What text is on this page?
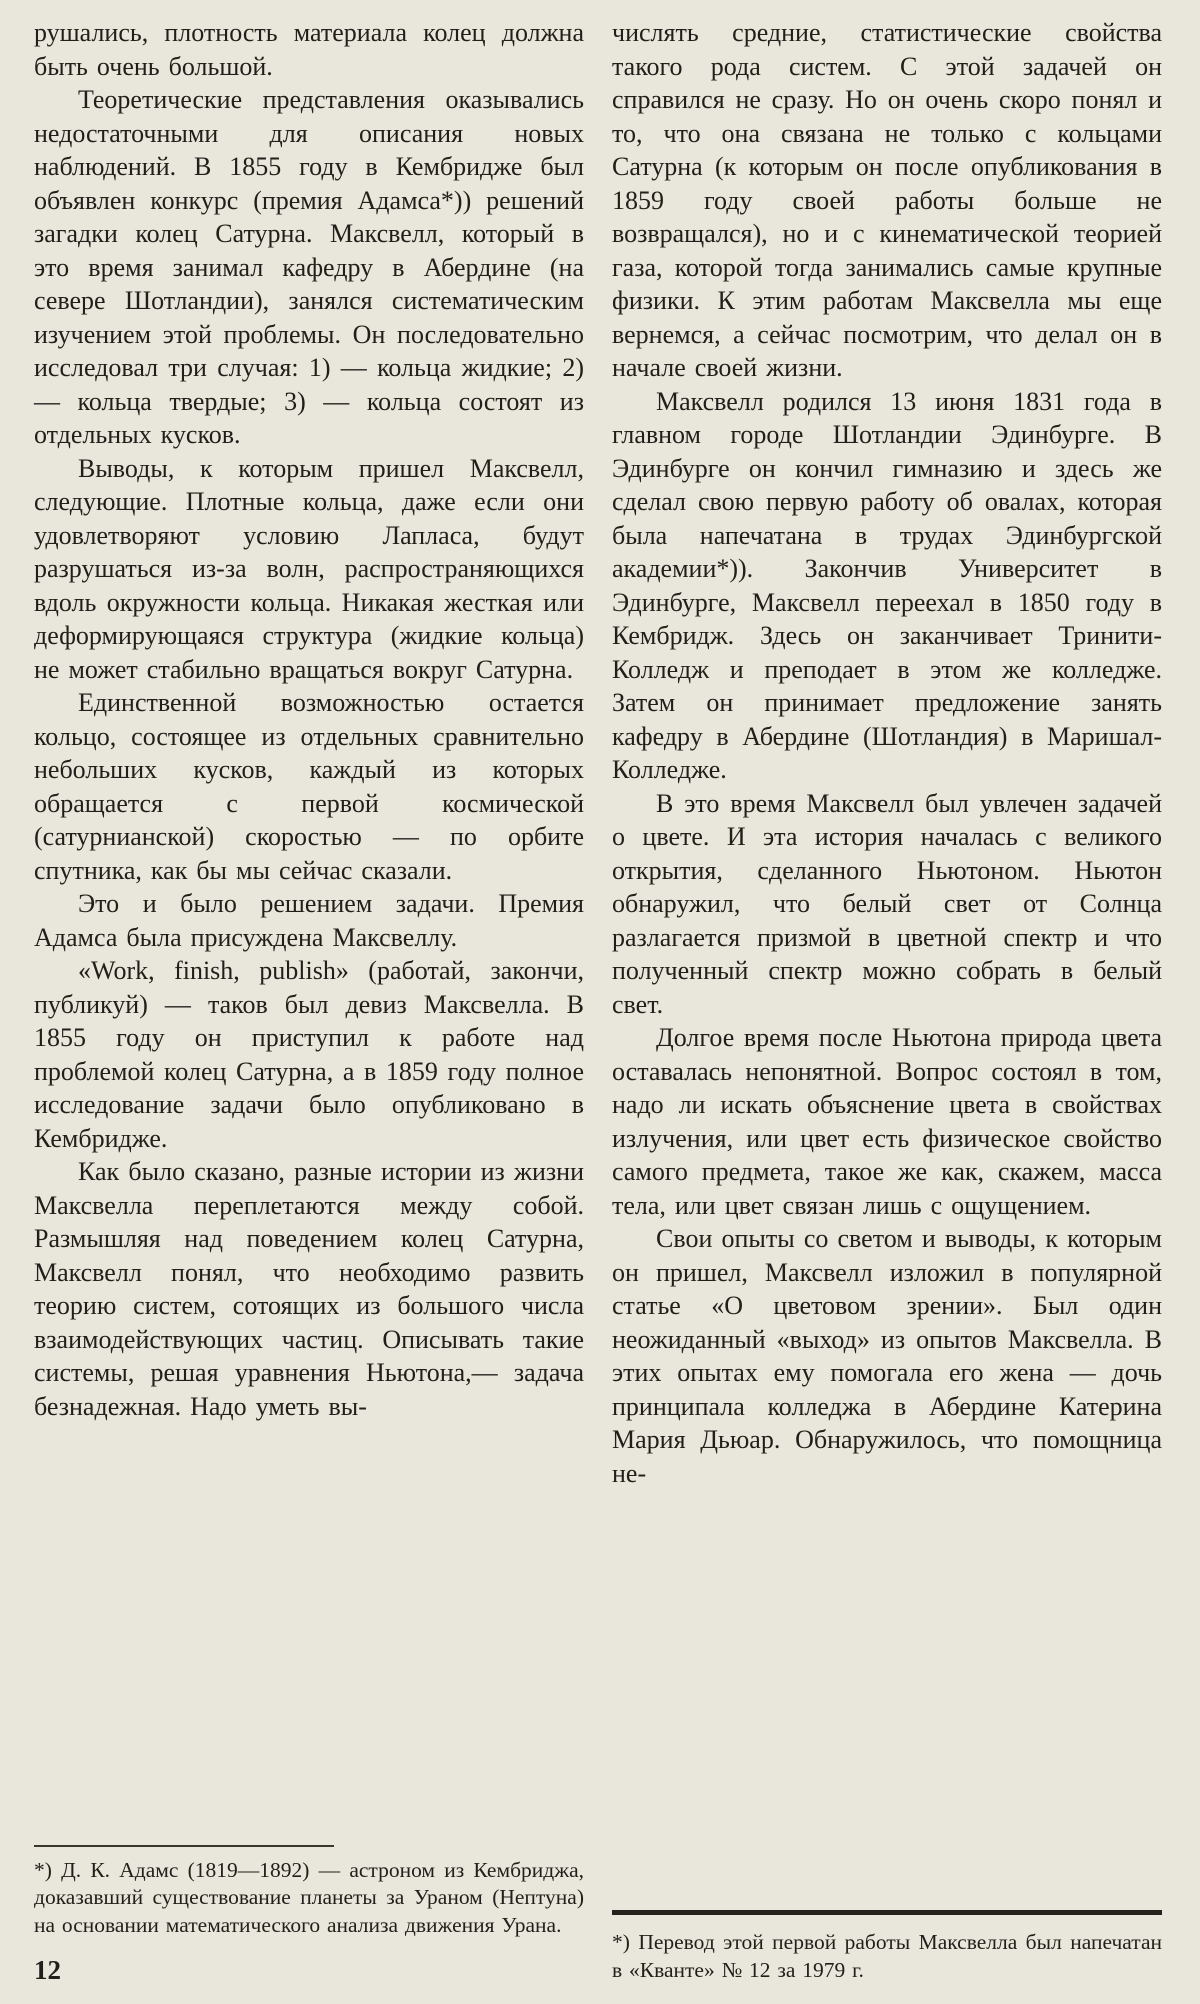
рушались, плотность материала колец должна быть очень большой.

Теоретические представления оказывались недостаточными для описания новых наблюдений. В 1855 году в Кембридже был объявлен конкурс (премия Адамса*)) решений загадки колец Сатурна. Максвелл, который в это время занимал кафедру в Абердине (на севере Шотландии), занялся систематическим изучением этой проблемы. Он последовательно исследовал три случая: 1) — кольца жидкие; 2) — кольца твердые; 3) — кольца состоят из отдельных кусков.

Выводы, к которым пришел Максвелл, следующие. Плотные кольца, даже если они удовлетворяют условию Лапласа, будут разрушаться из-за волн, распространяющихся вдоль окружности кольца. Никакая жесткая или деформирующаяся структура (жидкие кольца) не может стабильно вращаться вокруг Сатурна.

Единственной возможностью остается кольцо, состоящее из отдельных сравнительно небольших кусков, каждый из которых обращается с первой космической (сатурнианской) скоростью — по орбите спутника, как бы мы сейчас сказали.

Это и было решением задачи. Премия Адамса была присуждена Максвеллу.

«Work, finish, publish» (работай, закончи, публикуй) — таков был девиз Максвелла. В 1855 году он приступил к работе над проблемой колец Сатурна, а в 1859 году полное исследование задачи было опубликовано в Кембридже.

Как было сказано, разные истории из жизни Максвелла переплетаются между собой. Размышляя над поведением колец Сатурна, Максвелл понял, что необходимо развить теорию систем, сотоящих из большого числа взаимодействующих частиц. Описывать такие системы, решая уравнения Ньютона,— задача безнадежная. Надо уметь вы-

*) Д. К. Адамс (1819—1892) — астроном из Кембриджа, доказавший существование планеты за Ураном (Нептуна) на основании математического анализа движения Урана.

12

числять средние, статистические свойства такого рода систем. С этой задачей он справился не сразу. Но он очень скоро понял и то, что она связана не только с кольцами Сатурна (к которым он после опубликования в 1859 году своей работы больше не возвращался), но и с кинематической теорией газа, которой тогда занимались самые крупные физики. К этим работам Максвелла мы еще вернемся, а сейчас посмотрим, что делал он в начале своей жизни.

Максвелл родился 13 июня 1831 года в главном городе Шотландии Эдинбурге. В Эдинбурге он кончил гимназию и здесь же сделал свою первую работу об овалах, которая была напечатана в трудах Эдинбургской академии*)). Закончив Университет в Эдинбурге, Максвелл переехал в 1850 году в Кембридж. Здесь он заканчивает Тринити-Колледж и преподает в этом же колледже. Затем он принимает предложение занять кафедру в Абердине (Шотландия) в Маришал-Колледже.

В это время Максвелл был увлечен задачей о цвете. И эта история началась с великого открытия, сделанного Ньютоном. Ньютон обнаружил, что белый свет от Солнца разлагается призмой в цветной спектр и что полученный спектр можно собрать в белый свет.

Долгое время после Ньютона природа цвета оставалась непонятной. Вопрос состоял в том, надо ли искать объяснение цвета в свойствах излучения, или цвет есть физическое свойство самого предмета, такое же как, скажем, масса тела, или цвет связан лишь с ощущением.

Свои опыты со светом и выводы, к которым он пришел, Максвелл изложил в популярной статье «О цветовом зрении». Был один неожиданный «выход» из опытов Максвелла. В этих опытах ему помогала его жена — дочь принципала колледжа в Абердине Катерина Мария Дьюар. Обнаружилось, что помощница не-

*) Перевод этой первой работы Максвелла был напечатан в «Кванте» № 12 за 1979 г.
